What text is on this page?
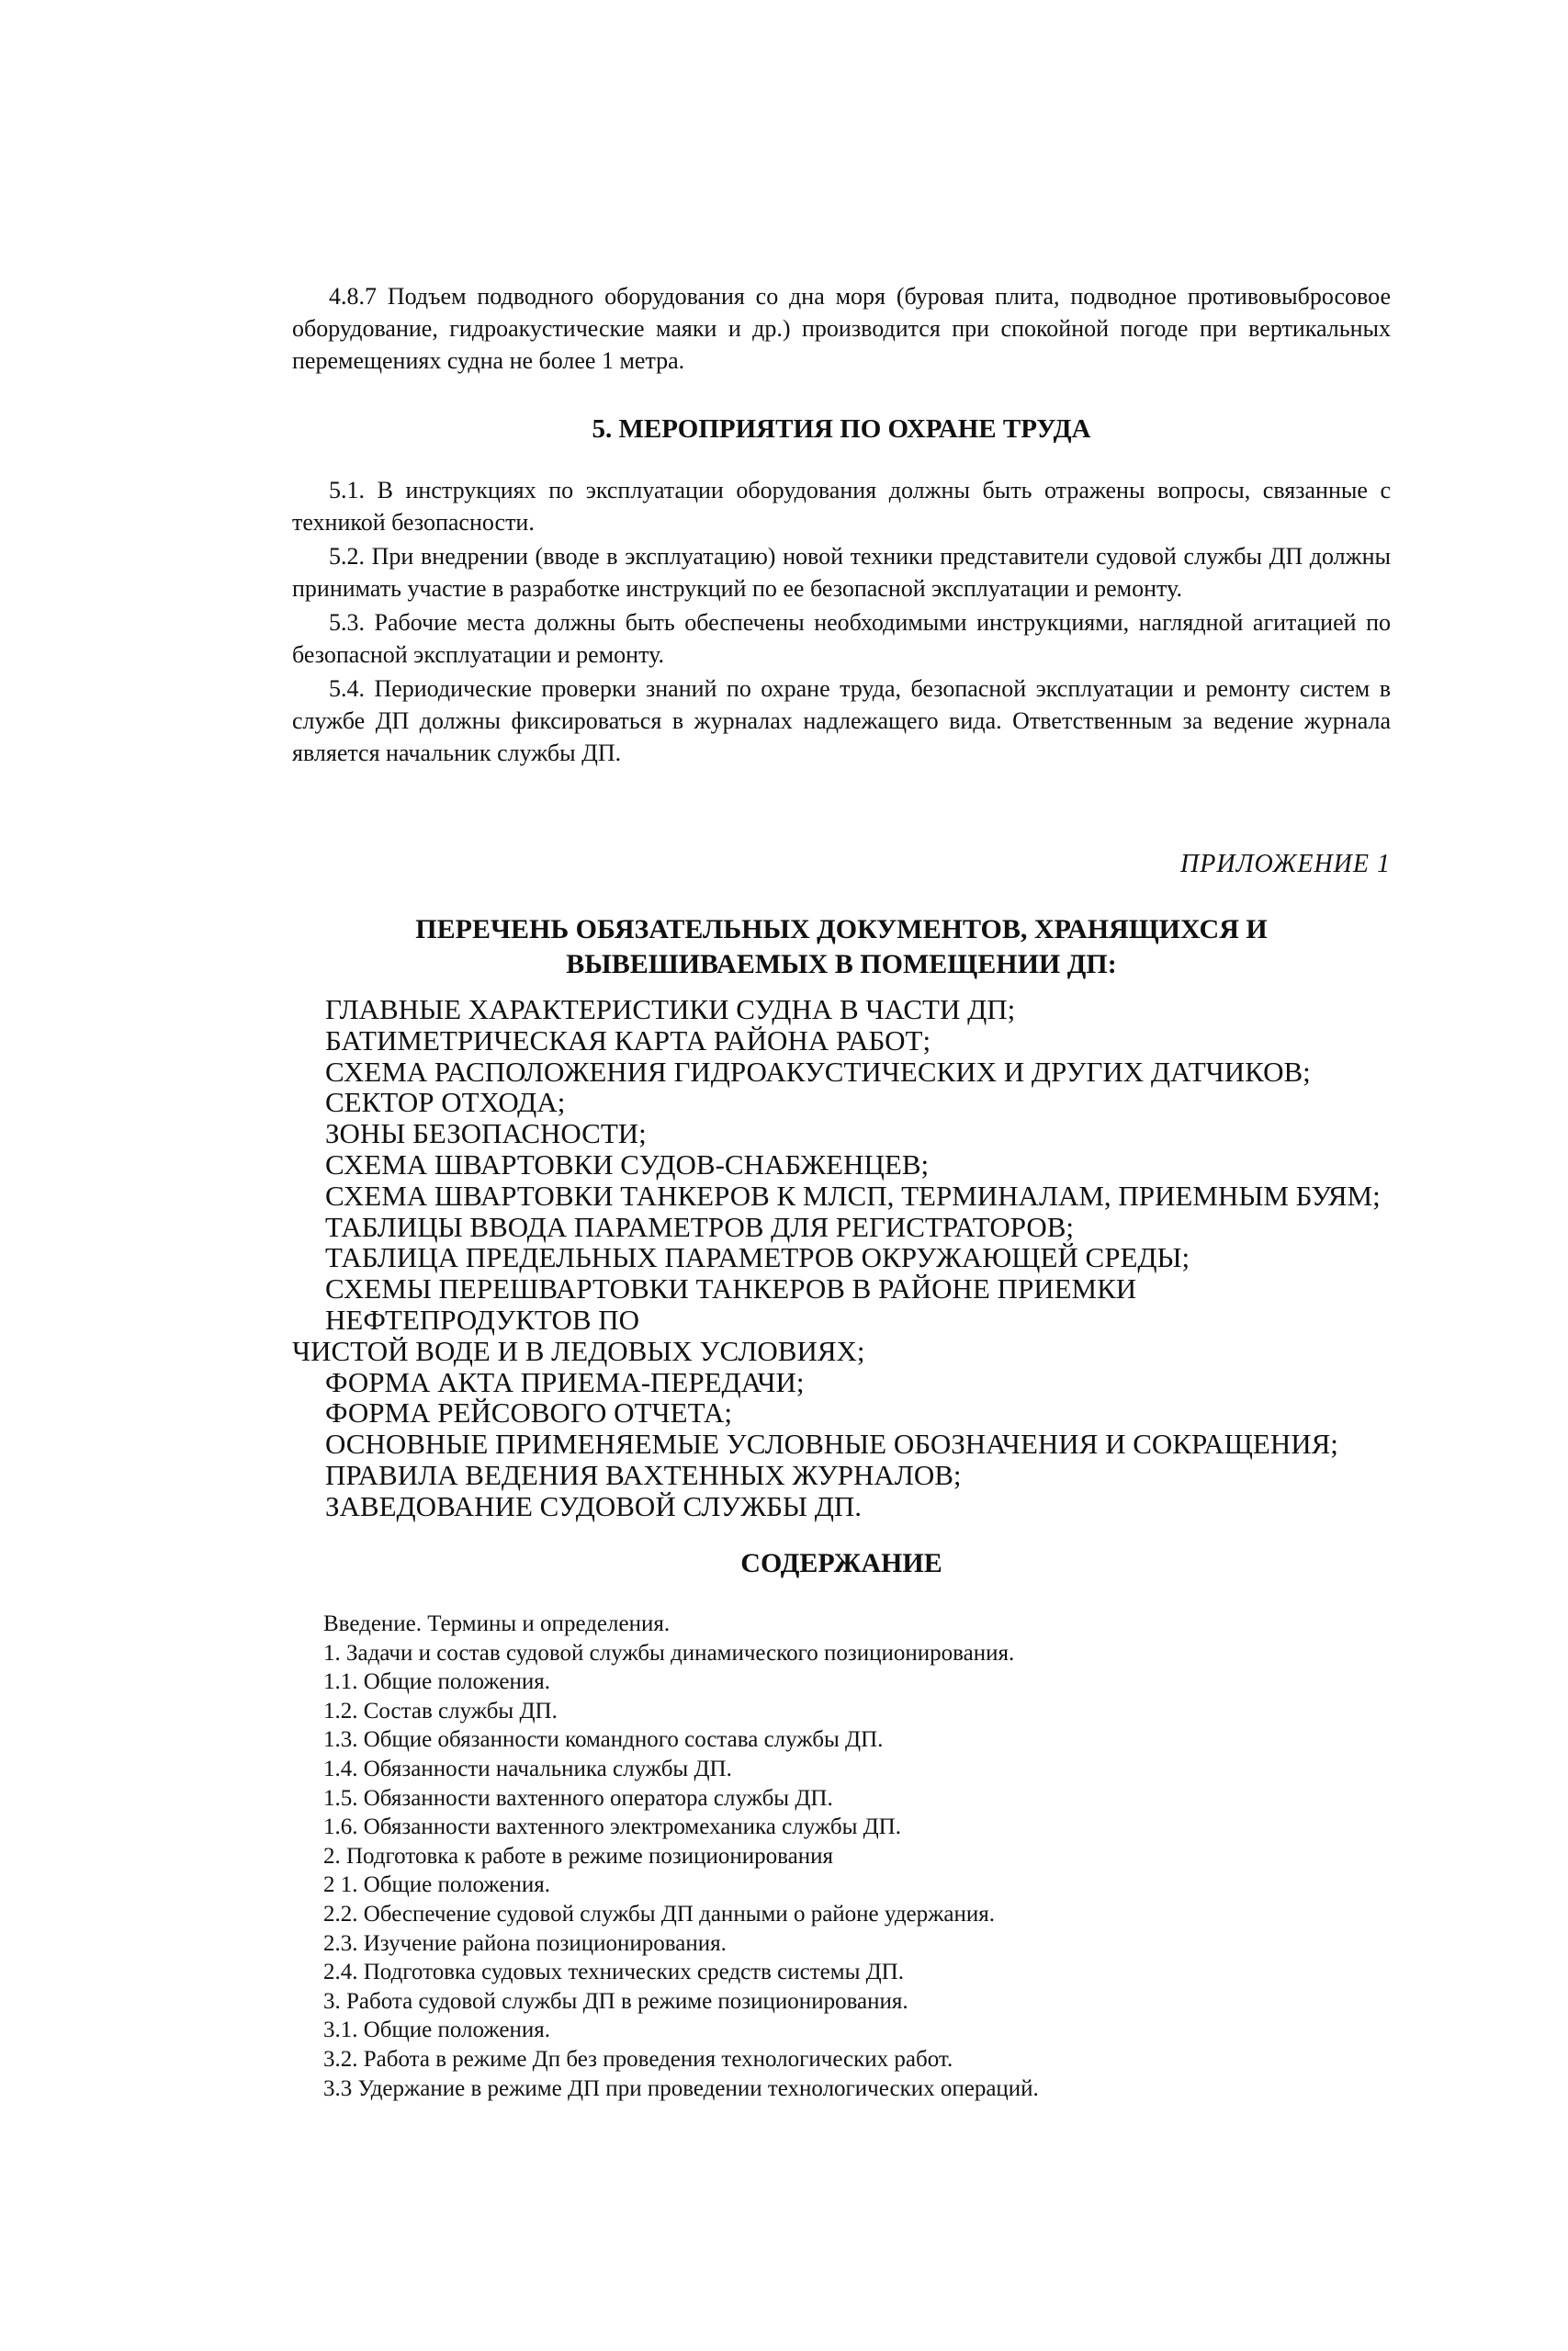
4.8.7 Подъем подводного оборудования со дна моря (буровая плита, подводное противовыбросовое оборудование, гидроакустические маяки и др.) производится при спокойной погоде при вертикальных перемещениях судна не более 1 метра.

5. МЕРОПРИЯТИЯ ПО ОХРАНЕ ТРУДА

5.1. В инструкциях по эксплуатации оборудования должны быть отражены вопросы, связанные с техникой безопасности.

5.2. При внедрении (вводе в эксплуатацию) новой техники представители судовой службы ДП должны принимать участие в разработке инструкций по ее безопасной эксплуатации и ремонту.

5.3. Рабочие места должны быть обеспечены необходимыми инструкциями, наглядной агитацией по безопасной эксплуатации и ремонту.

5.4. Периодические проверки знаний по охране труда, безопасной эксплуатации и ремонту систем в службе ДП должны фиксироваться в журналах надлежащего вида. Ответственным за ведение журнала является начальник службы ДП.

ПРИЛОЖЕНИЕ 1
ПЕРЕЧЕНЬ ОБЯЗАТЕЛЬНЫХ ДОКУМЕНТОВ, ХРАНЯЩИХСЯ И
ВЫВЕШИВАЕМЫХ В ПОМЕЩЕНИИ ДП:
ГЛАВНЫЕ ХАРАКТЕРИСТИКИ СУДНА В ЧАСТИ ДП;
БАТИМЕТРИЧЕСКАЯ КАРТА РАЙОНА РАБОТ;
СХЕМА РАСПОЛОЖЕНИЯ ГИДРОАКУСТИЧЕСКИХ И ДРУГИХ ДАТЧИКОВ;
СЕКТОР ОТХОДА;
ЗОНЫ БЕЗОПАСНОСТИ;
СХЕМА ШВАРТОВКИ СУДОВ-СНАБЖЕНЦЕВ;
СХЕМА ШВАРТОВКИ ТАНКЕРОВ К МЛСП, ТЕРМИНАЛАМ, ПРИЕМНЫМ БУЯМ;
ТАБЛИЦЫ ВВОДА ПАРАМЕТРОВ ДЛЯ РЕГИСТРАТОРОВ;
ТАБЛИЦА ПРЕДЕЛЬНЫХ ПАРАМЕТРОВ ОКРУЖАЮЩЕЙ СРЕДЫ;
СХЕМЫ ПЕРЕШВАРТОВКИ ТАНКЕРОВ В РАЙОНЕ ПРИЕМКИ НЕФТЕПРОДУКТОВ ПО
ЧИСТОЙ ВОДЕ И В ЛЕДОВЫХ УСЛОВИЯХ;
ФОРМА АКТА ПРИЕМА-ПЕРЕДАЧИ;
ФОРМА РЕЙСОВОГО ОТЧЕТА;
ОСНОВНЫЕ ПРИМЕНЯЕМЫЕ УСЛОВНЫЕ ОБОЗНАЧЕНИЯ И СОКРАЩЕНИЯ;
ПРАВИЛА ВЕДЕНИЯ ВАХТЕННЫХ ЖУРНАЛОВ;
ЗАВЕДОВАНИЕ СУДОВОЙ СЛУЖБЫ ДП.
СОДЕРЖАНИЕ
Введение. Термины и определения.
1. Задачи и состав судовой службы динамического позиционирования.
1.1. Общие положения.
1.2. Состав службы ДП.
1.3. Общие обязанности командного состава службы ДП.
1.4. Обязанности начальника службы ДП.
1.5. Обязанности вахтенного оператора службы ДП.
1.6. Обязанности вахтенного электромеханика службы ДП.
2. Подготовка к работе в режиме позиционирования
2 1. Общие положения.
2.2. Обеспечение судовой службы ДП данными о районе удержания.
2.3. Изучение района позиционирования.
2.4. Подготовка судовых технических средств системы ДП.
3. Работа судовой службы ДП в режиме позиционирования.
3.1. Общие положения.
3.2. Работа в режиме Дп без проведения технологических работ.
3.3 Удержание в режиме ДП при проведении технологических операций.
